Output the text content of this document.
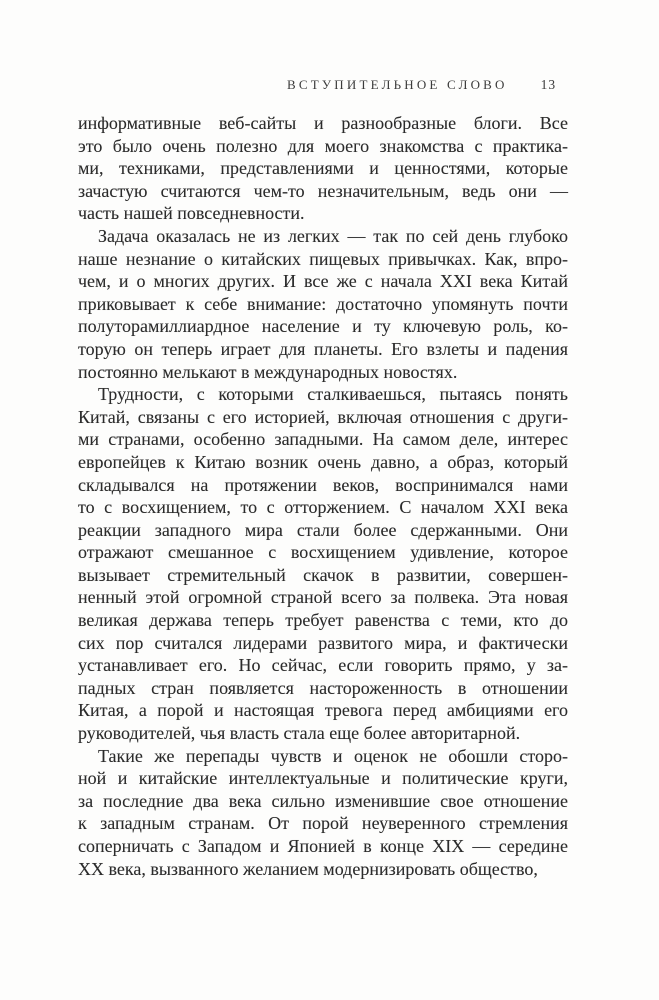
ВСТУПИТЕЛЬНОЕ СЛОВО 13
информативные веб-сайты и разнообразные блоги. Все
это было очень полезно для моего знакомства с практика-
ми, техниками, представлениями и ценностями, которые
зачастую считаются чем-то незначительным, ведь они —
часть нашей повседневности.
Задача оказалась не из легких — так по сей день глубоко
наше незнание о китайских пищевых привычках. Как, впро-
чем, и о многих других. И все же с начала XXI века Китай
приковывает к себе внимание: достаточно упомянуть почти
полуторамиллиардное население и ту ключевую роль, ко-
торую он теперь играет для планеты. Его взлеты и падения
постоянно мелькают в международных новостях.
Трудности, с которыми сталкиваешься, пытаясь понять
Китай, связаны с его историей, включая отношения с други-
ми странами, особенно западными. На самом деле, интерес
европейцев к Китаю возник очень давно, а образ, который
складывался на протяжении веков, воспринимался нами
то с восхищением, то с отторжением. С началом XXI века
реакции западного мира стали более сдержанными. Они
отражают смешанное с восхищением удивление, которое
вызывает стремительный скачок в развитии, совершен-
ненный этой огромной страной всего за полвека. Эта новая
великая держава теперь требует равенства с теми, кто до
сих пор считался лидерами развитого мира, и фактически
устанавливает его. Но сейчас, если говорить прямо, у за-
падных стран появляется настороженность в отношении
Китая, а порой и настоящая тревога перед амбициями его
руководителей, чья власть стала еще более авторитарной.
Такие же перепады чувств и оценок не обошли сторо-
ной и китайские интеллектуальные и политические круги,
за последние два века сильно изменившие свое отношение
к западным странам. От порой неуверенного стремления
соперничать с Западом и Японией в конце XIX — середине
XX века, вызванного желанием модернизировать общество,
